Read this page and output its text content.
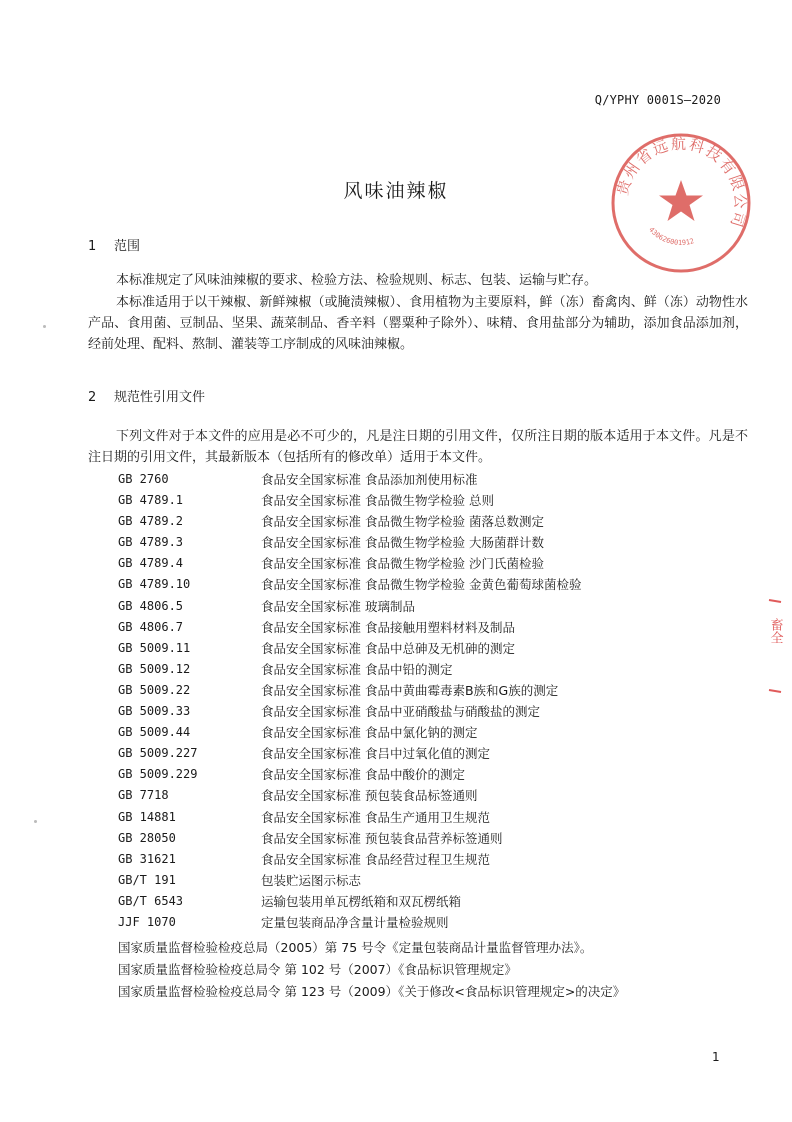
Q/YPHY 0001S—2020
贵州省远航科技有限公司
430626001912
风味油辣椒
1 范围
本标准规定了风味油辣椒的要求、检验方法、检验规则、标志、包装、运输与贮存。
本标准适用于以干辣椒、新鲜辣椒（或腌渍辣椒）、食用植物为主要原料，鲜（冻）畜禽肉、鲜（冻）动物性水产品、食用菌、豆制品、坚果、蔬菜制品、香辛料（罂粟种子除外）、味精、食用盐部分为辅助，添加食品添加剂，经前处理、配料、熬制、灌装等工序制成的风味油辣椒。
2 规范性引用文件
下列文件对于本文件的应用是必不可少的，凡是注日期的引用文件，仅所注日期的版本适用于本文件。凡是不注日期的引用文件，其最新版本（包括所有的修改单）适用于本文件。
GB 2760	食品安全国家标准 食品添加剂使用标准
GB 4789.1	食品安全国家标准 食品微生物学检验 总则
GB 4789.2	食品安全国家标准 食品微生物学检验 菌落总数测定
GB 4789.3	食品安全国家标准 食品微生物学检验 大肠菌群计数
GB 4789.4	食品安全国家标准 食品微生物学检验 沙门氏菌检验
GB 4789.10	食品安全国家标准 食品微生物学检验 金黄色葡萄球菌检验
GB 4806.5	食品安全国家标准 玻璃制品
GB 4806.7	食品安全国家标准 食品接触用塑料材料及制品
GB 5009.11	食品安全国家标准 食品中总砷及无机砷的测定
GB 5009.12	食品安全国家标准 食品中铅的测定
GB 5009.22	食品安全国家标准 食品中黄曲霉毒素B族和G族的测定
GB 5009.33	食品安全国家标准 食品中亚硝酸盐与硝酸盐的测定
GB 5009.44	食品安全国家标准 食品中氯化钠的测定
GB 5009.227	食品安全国家标准 食吕中过氧化值的测定
GB 5009.229	食品安全国家标准 食品中酸价的测定
GB 7718	食品安全国家标准 预包装食品标签通则
GB 14881	食品安全国家标准 食品生产通用卫生规范
GB 28050	食品安全国家标准 预包装食品营养标签通则
GB 31621	食品安全国家标准 食品经营过程卫生规范
GB/T 191	包装贮运图示标志
GB/T 6543	运输包装用单瓦楞纸箱和双瓦楞纸箱
JJF 1070	定量包装商品净含量计量检验规则
国家质量监督检验检疫总局（2005）第 75 号令《定量包装商品计量监督管理办法》。
国家质量监督检验检疫总局令 第 102 号（2007）《食品标识管理规定》
国家质量监督检验检疫总局令 第 123 号（2009）《关于修改<食品标识管理规定>的决定》
1
畜全
